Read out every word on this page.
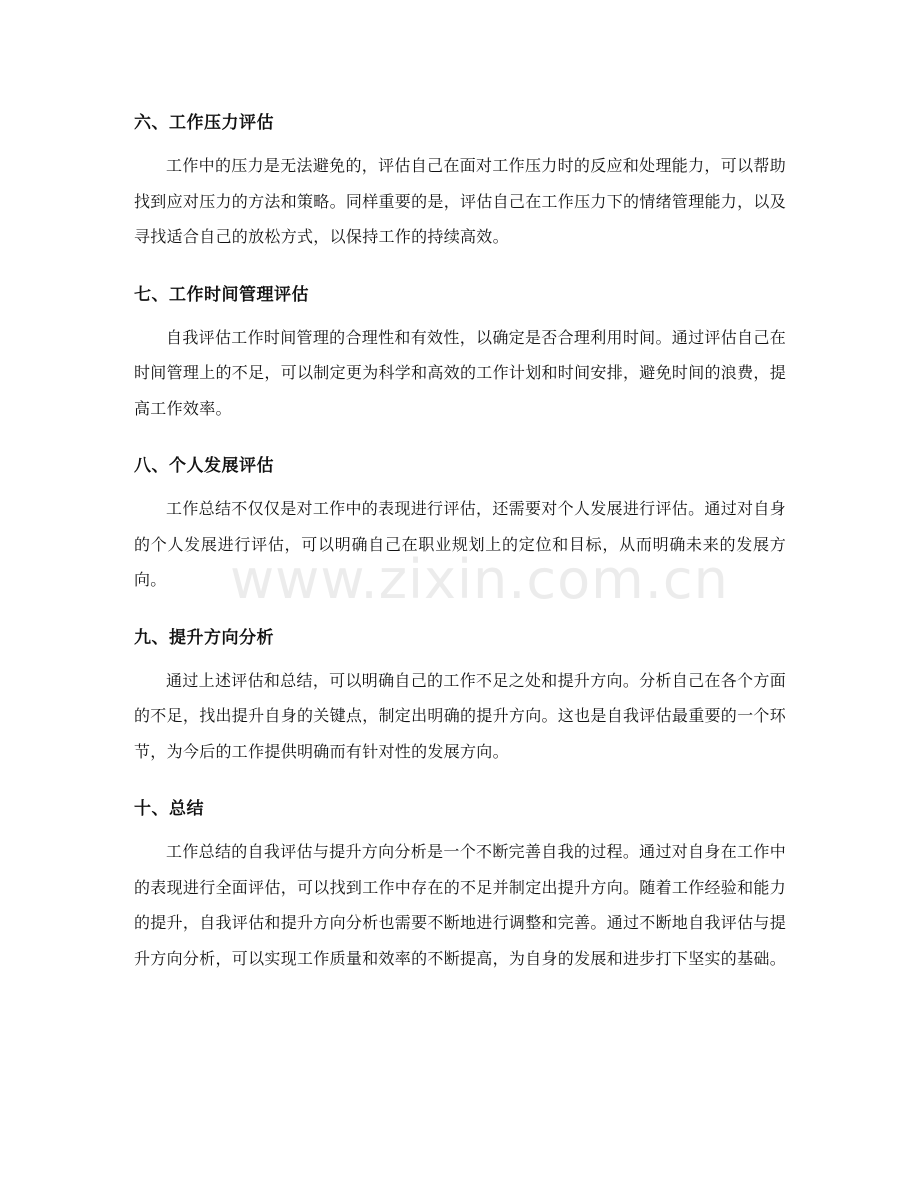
六、工作压力评估

工作中的压力是无法避免的，评估自己在面对工作压力时的反应和处理能力，可以帮助找到应对压力的方法和策略。同样重要的是，评估自己在工作压力下的情绪管理能力，以及寻找适合自己的放松方式，以保持工作的持续高效。

七、工作时间管理评估

自我评估工作时间管理的合理性和有效性，以确定是否合理利用时间。通过评估自己在时间管理上的不足，可以制定更为科学和高效的工作计划和时间安排，避免时间的浪费，提高工作效率。

八、个人发展评估

工作总结不仅仅是对工作中的表现进行评估，还需要对个人发展进行评估。通过对自身的个人发展进行评估，可以明确自己在职业规划上的定位和目标，从而明确未来的发展方向。

九、提升方向分析

通过上述评估和总结，可以明确自己的工作不足之处和提升方向。分析自己在各个方面的不足，找出提升自身的关键点，制定出明确的提升方向。这也是自我评估最重要的一个环节，为今后的工作提供明确而有针对性的发展方向。

十、总结

工作总结的自我评估与提升方向分析是一个不断完善自我的过程。通过对自身在工作中的表现进行全面评估，可以找到工作中存在的不足并制定出提升方向。随着工作经验和能力的提升，自我评估和提升方向分析也需要不断地进行调整和完善。通过不断地自我评估与提升方向分析，可以实现工作质量和效率的不断提高，为自身的发展和进步打下坚实的基础。

www.zixin.com.cn
